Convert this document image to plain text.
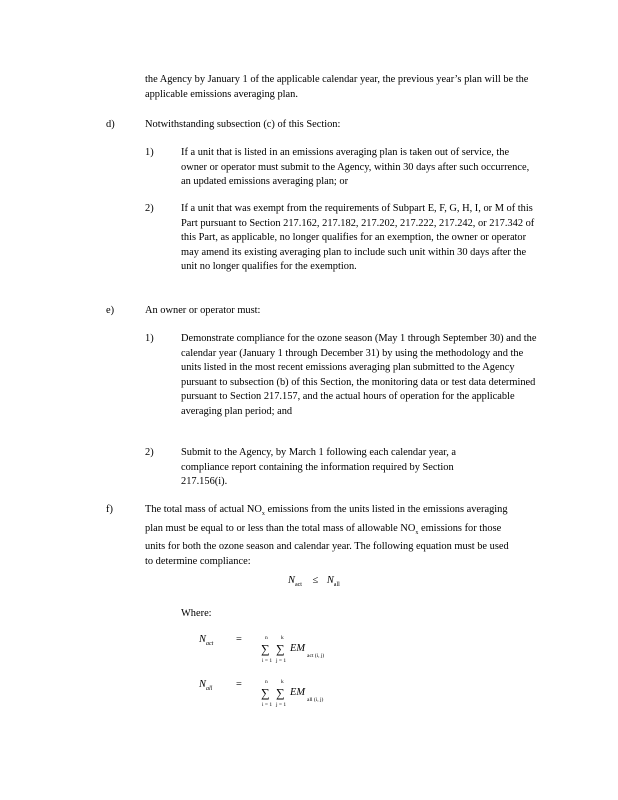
the Agency by January 1 of the applicable calendar year, the previous year’s plan will be the applicable emissions averaging plan.

d)	Notwithstanding subsection (c) of this Section:

1)	If a unit that is listed in an emissions averaging plan is taken out of service, the owner or operator must submit to the Agency, within 30 days after such occurrence, an updated emissions averaging plan; or

2)	If a unit that was exempt from the requirements of Subpart E, F, G, H, I, or M of this Part pursuant to Section 217.162, 217.182, 217.202, 217.222, 217.242, or 217.342 of this Part, as applicable, no longer qualifies for an exemption, the owner or operator may amend its existing averaging plan to include such unit within 30 days after the unit no longer qualifies for the exemption.

e)	An owner or operator must:

1)	Demonstrate compliance for the ozone season (May 1 through September 30) and the calendar year (January 1 through December 31) by using the methodology and the units listed in the most recent emissions averaging plan submitted to the Agency pursuant to subsection (b) of this Section, the monitoring data or test data determined pursuant to Section 217.157, and the actual hours of operation for the applicable averaging plan period; and

2)	Submit to the Agency, by March 1 following each calendar year, a compliance report containing the information required by Section 217.156(i).

f)	The total mass of actual $NO_x$ emissions from the units listed in the emissions averaging plan must be equal to or less than the total mass of allowable $NO_x$ emissions for those units for both the ozone season and calendar year. The following equation must be used to determine compliance:

$N_{act} \le N_{all}$

Where:

$N_{act}$ =	n k
∑ ∑ EM
act (i, j)
i = 1 j = 1
$N_{all}$ =	n k
∑ ∑ EM
all (i, j)
i = 1 j = 1
